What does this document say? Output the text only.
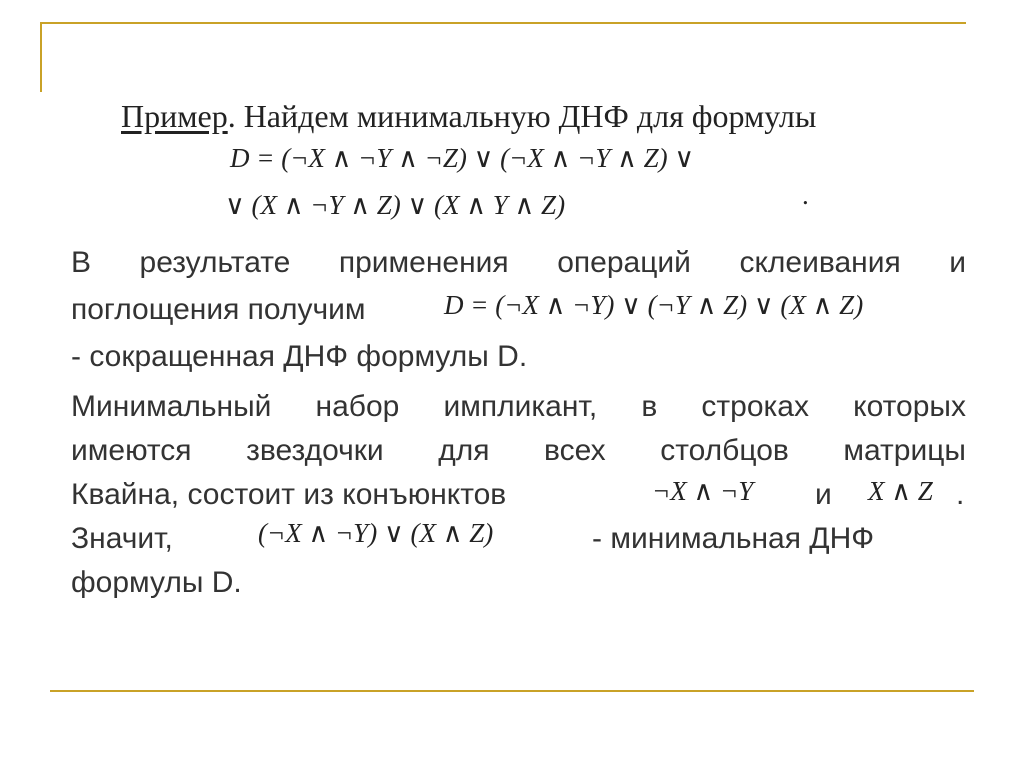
Пример. Найдем минимальную ДНФ для формулы
D = (¬X ∧ ¬Y ∧ ¬Z) ∨ (¬X ∧ ¬Y ∧ Z) ∨
∨ (X ∧ ¬Y ∧ Z) ∨ (X ∧ Y ∧ Z)	.
В результате применения операций склеивания и
поглощения получим	D = (¬X ∧ ¬Y) ∨ (¬Y ∧ Z) ∨ (X ∧ Z)
- сокращенная ДНФ формулы D.
Минимальный набор импликант, в строках которых
имеются звездочки для всех столбцов матрицы
Квайна, состоит из конъюнктов	¬X ∧ ¬Y и X ∧ Z .
Значит,	(¬X ∧ ¬Y) ∨ (X ∧ Z)	- минимальная ДНФ
формулы D.
